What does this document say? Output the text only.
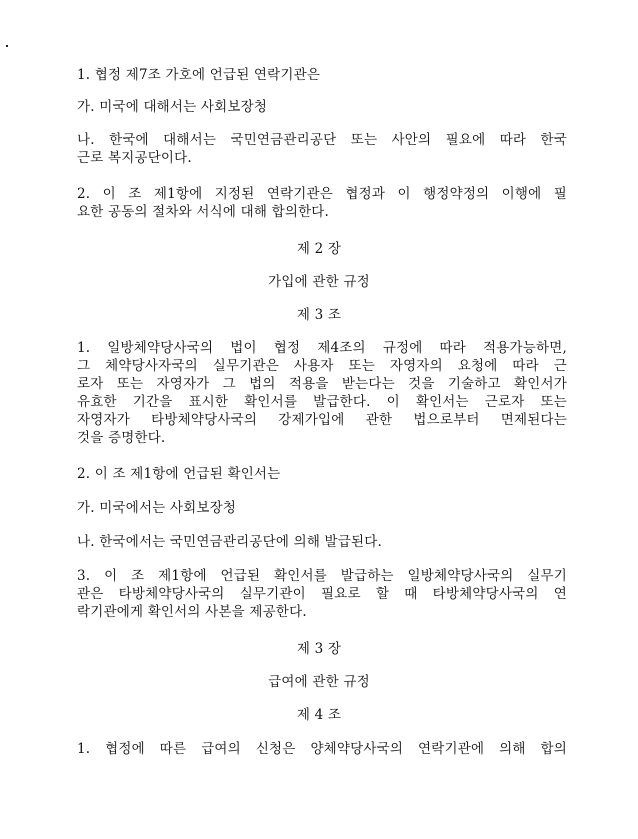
1. 협정 제7조 가호에 언급된 연락기관은
가. 미국에 대해서는 사회보장청
나. 한국에 대해서는 국민연금관리공단 또는 사안의 필요에 따라 한국
근로 복지공단이다.
2. 이 조 제1항에 지정된 연락기관은 협정과 이 행정약정의 이행에 필
요한 공동의 절차와 서식에 대해 합의한다.
제 2 장
가입에 관한 규정
제 3 조
1. 일방체약당사국의 법이 협정 제4조의 규정에 따라 적용가능하면,
그 체약당사자국의 실무기관은 사용자 또는 자영자의 요청에 따라 근
로자 또는 자영자가 그 법의 적용을 받는다는 것을 기술하고 확인서가
유효한 기간을 표시한 확인서를 발급한다. 이 확인서는 근로자 또는
자영자가 타방체약당사국의 강제가입에 관한 법으로부터 면제된다는
것을 증명한다.
2. 이 조 제1항에 언급된 확인서는
가. 미국에서는 사회보장청
나. 한국에서는 국민연금관리공단에 의해 발급된다.
3. 이 조 제1항에 언급된 확인서를 발급하는 일방체약당사국의 실무기
관은 타방체약당사국의 실무기관이 필요로 할 때 타방체약당사국의 연
락기관에게 확인서의 사본을 제공한다.
제 3 장
급여에 관한 규정
제 4 조
1. 협정에 따른 급여의 신청은 양체약당사국의 연락기관에 의해 합의
